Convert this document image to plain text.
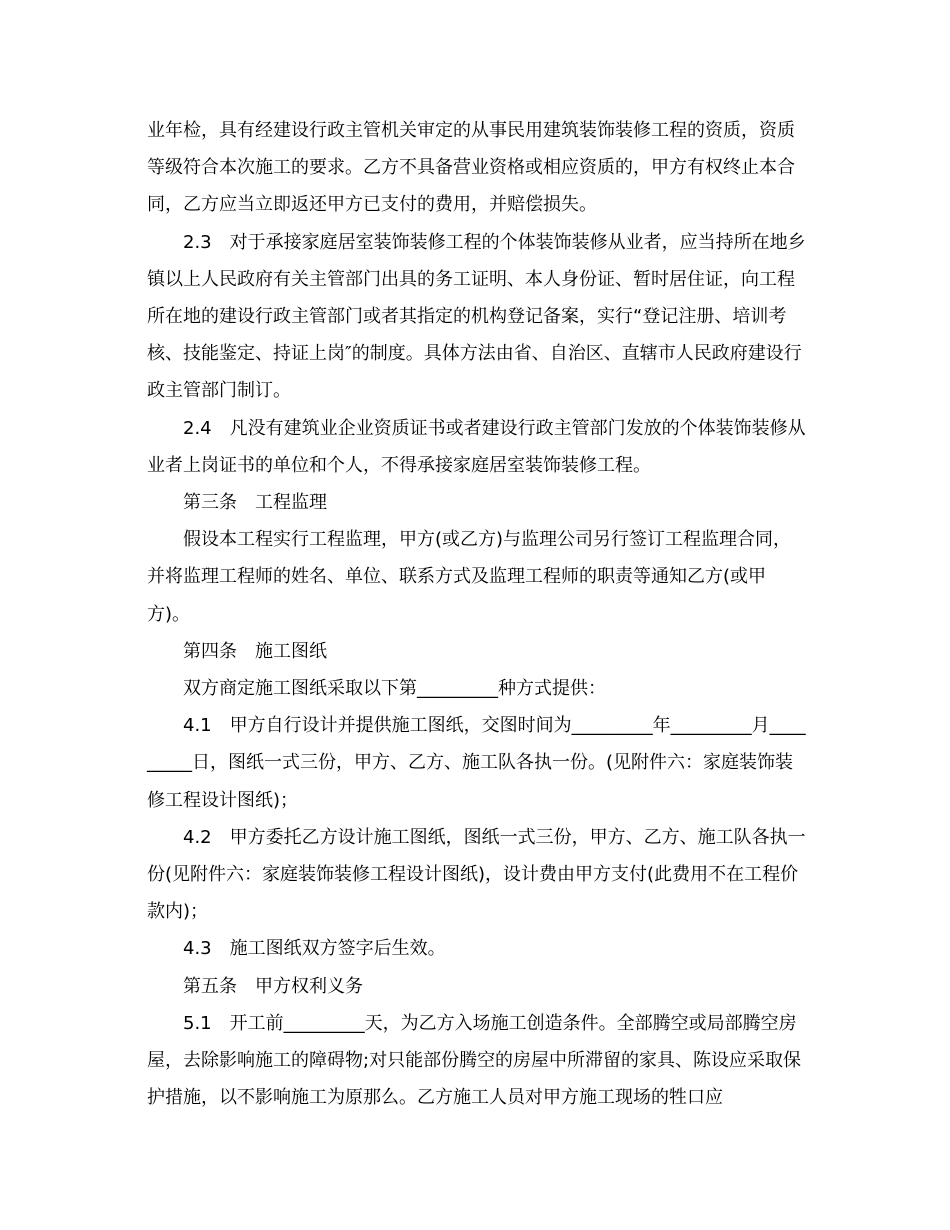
业年检，具有经建设行政主管机关审定的从事民用建筑装饰装修工程的资质，资质等级符合本次施工的要求。乙方不具备营业资格或相应资质的，甲方有权终止本合同，乙方应当立即返还甲方已支付的费用，并赔偿损失。

2.3　对于承接家庭居室装饰装修工程的个体装饰装修从业者，应当持所在地乡镇以上人民政府有关主管部门出具的务工证明、本人身份证、暂时居住证，向工程所在地的建设行政主管部门或者其指定的机构登记备案，实行“登记注册、培训考核、技能鉴定、持证上岗″的制度。具体方法由省、自治区、直辖市人民政府建设行政主管部门制订。

2.4　凡没有建筑业企业资质证书或者建设行政主管部门发放的个体装饰装修从业者上岗证书的单位和个人，不得承接家庭居室装饰装修工程。

第三条　工程监理

假设本工程实行工程监理，甲方(或乙方)与监理公司另行签订工程监理合同，并将监理工程师的姓名、单位、联系方式及监理工程师的职责等通知乙方(或甲方)。

第四条　施工图纸

双方商定施工图纸采取以下第_________种方式提供：

4.1　甲方自行设计并提供施工图纸，交图时间为_________年_________月_________日，图纸一式三份，甲方、乙方、施工队各执一份。(见附件六：家庭装饰装修工程设计图纸)；

4.2　甲方委托乙方设计施工图纸，图纸一式三份，甲方、乙方、施工队各执一份(见附件六：家庭装饰装修工程设计图纸)，设计费由甲方支付(此费用不在工程价款内)；

4.3　施工图纸双方签字后生效。

第五条　甲方权利义务

5.1　开工前_________天，为乙方入场施工创造条件。全部腾空或局部腾空房屋，去除影响施工的障碍物;对只能部份腾空的房屋中所滞留的家具、陈设应采取保护措施，以不影响施工为原那么。乙方施工人员对甲方施工现场的牲口应
